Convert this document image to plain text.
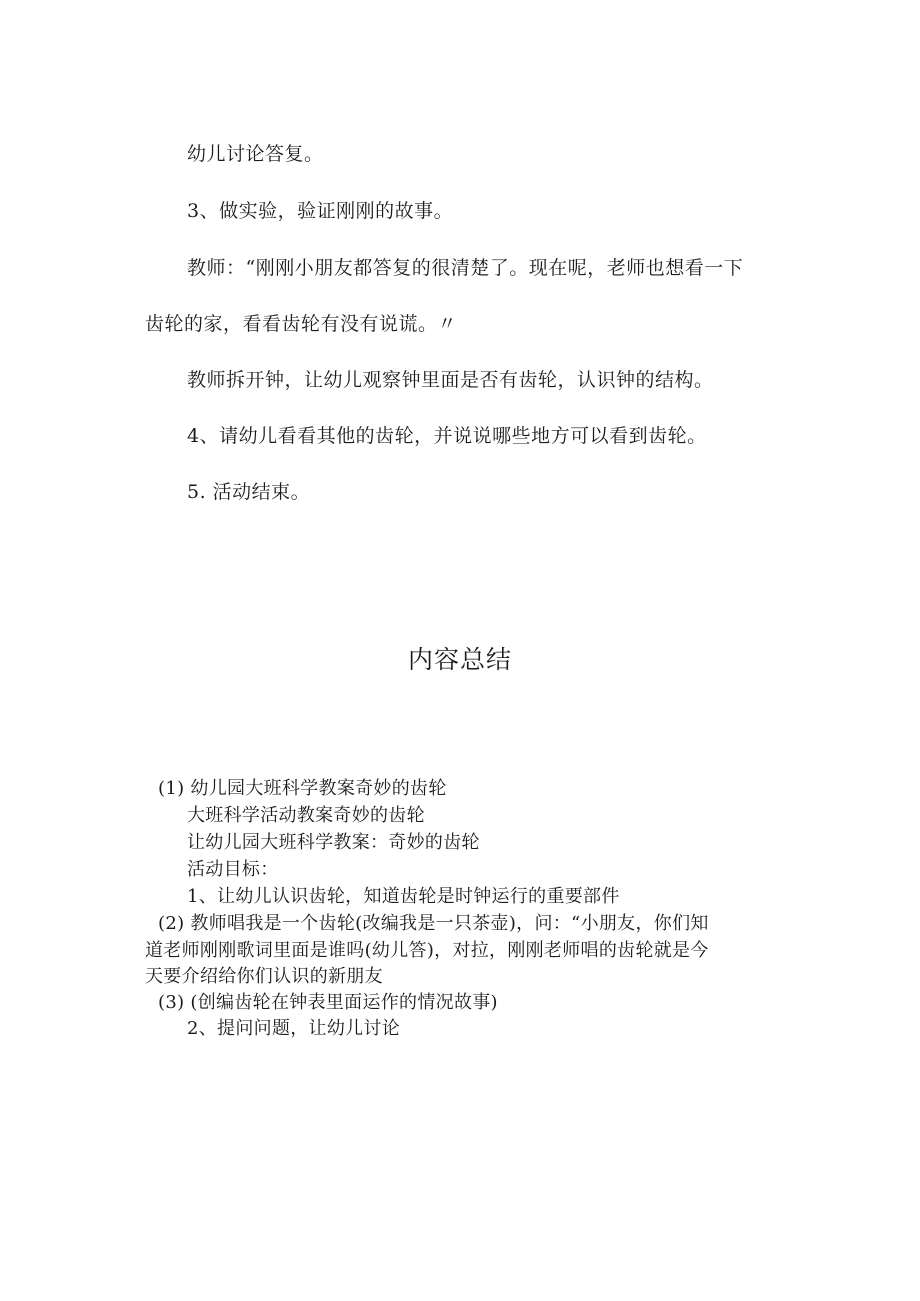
幼儿讨论答复。
3、做实验，验证刚刚的故事。
教师：“刚刚小朋友都答复的很清楚了。现在呢，老师也想看一下
齿轮的家，看看齿轮有没有说谎。〃
教师拆开钟，让幼儿观察钟里面是否有齿轮，认识钟的结构。
4、请幼儿看看其他的齿轮，并说说哪些地方可以看到齿轮。
5. 活动结束。
内容总结
(1) 幼儿园大班科学教案奇妙的齿轮
大班科学活动教案奇妙的齿轮
让幼儿园大班科学教案：奇妙的齿轮
活动目标：
1、让幼儿认识齿轮，知道齿轮是时钟运行的重要部件
(2) 教师唱我是一个齿轮(改编我是一只茶壶)，问：“小朋友，你们知
道老师刚刚歌词里面是谁吗(幼儿答)，对拉，刚刚老师唱的齿轮就是今
天要介绍给你们认识的新朋友
(3) (创编齿轮在钟表里面运作的情况故事)
2、提问问题，让幼儿讨论
